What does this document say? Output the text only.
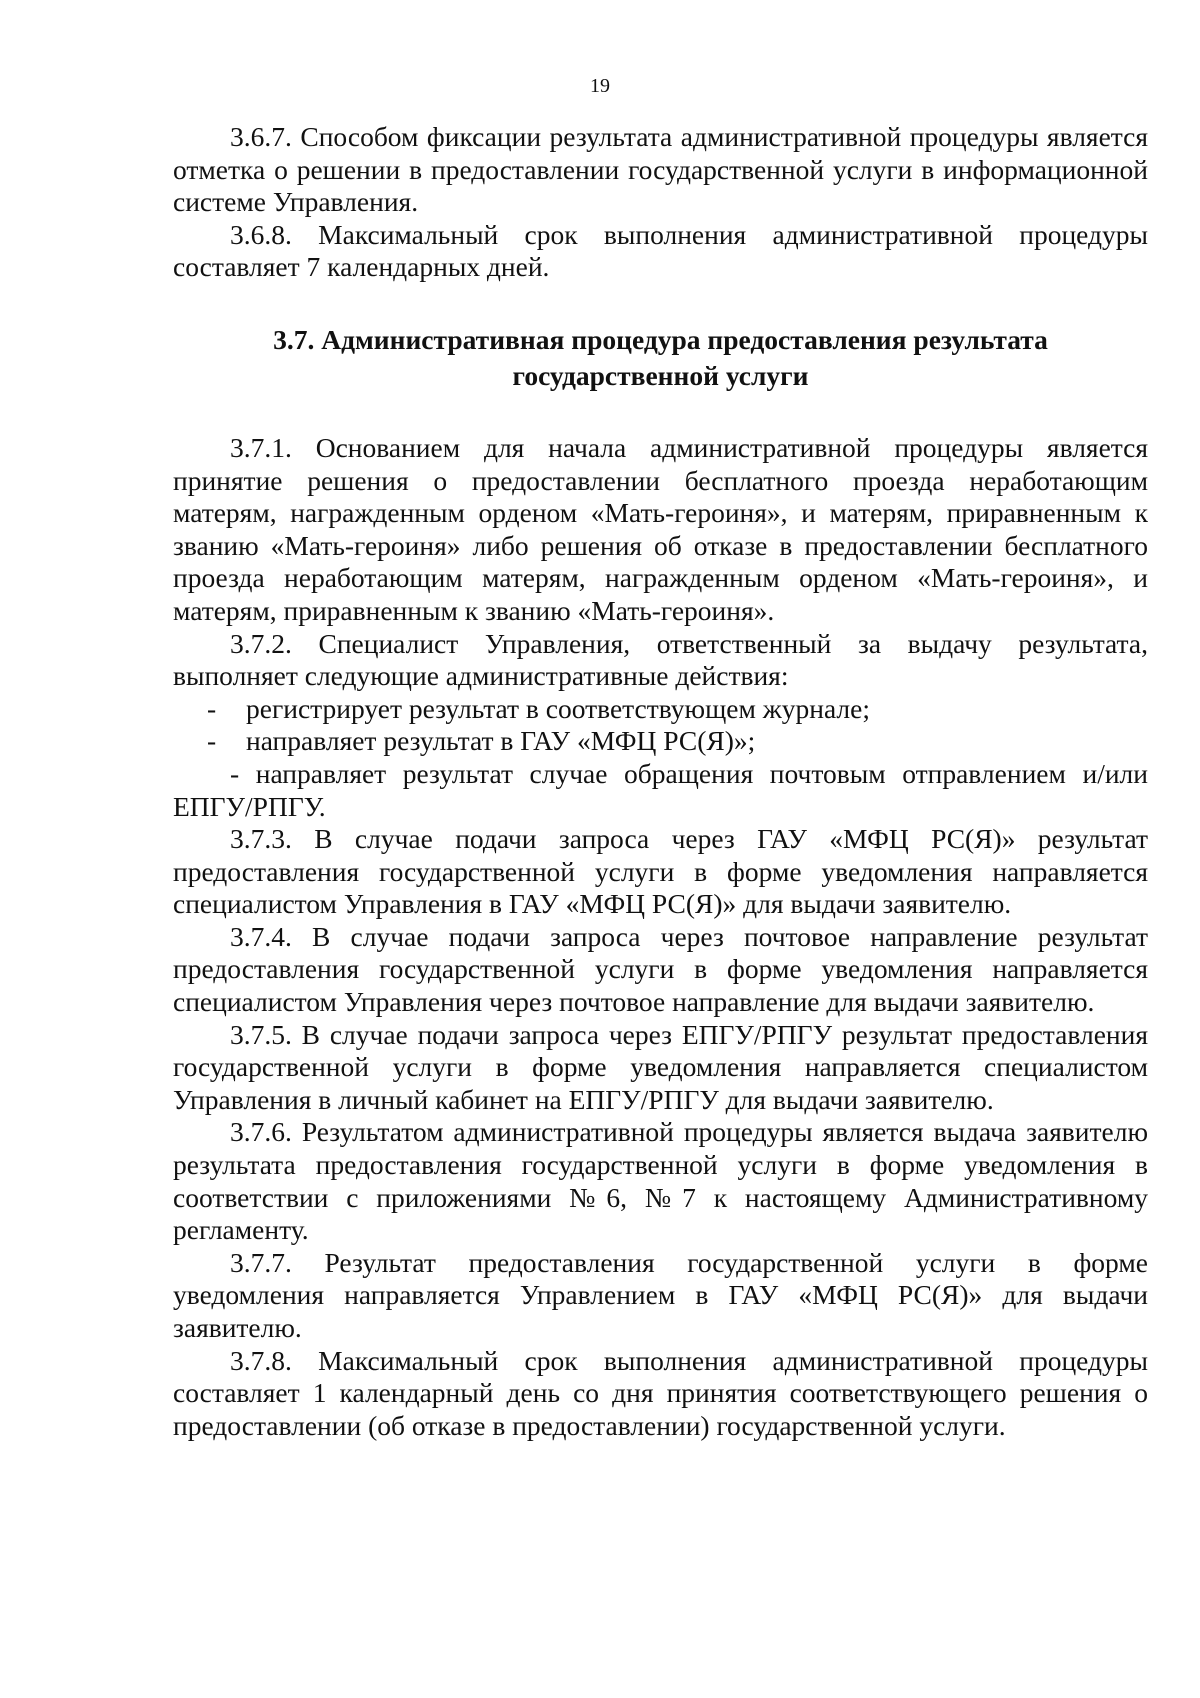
19

3.6.7. Способом фиксации результата административной процедуры является отметка о решении в предоставлении государственной услуги в информационной системе Управления.

3.6.8. Максимальный срок выполнения административной процедуры составляет 7 календарных дней.

3.7. Административная процедура предоставления результата
государственной услуги

3.7.1. Основанием для начала административной процедуры является принятие решения о предоставлении бесплатного проезда неработающим матерям, награжденным орденом «Мать-героиня», и матерям, приравненным к званию «Мать-героиня» либо решения об отказе в предоставлении бесплатного проезда неработающим матерям, награжденным орденом «Мать-героиня», и матерям, приравненным к званию «Мать-героиня».

3.7.2. Специалист Управления, ответственный за выдачу результата, выполняет следующие административные действия:

-	регистрирует результат в соответствующем журнале;
-	направляет результат в ГАУ «МФЦ РС(Я)»;

- направляет результат случае обращения почтовым отправлением и/или ЕПГУ/РПГУ.

3.7.3. В случае подачи запроса через ГАУ «МФЦ РС(Я)» результат предоставления государственной услуги в форме уведомления направляется специалистом Управления в ГАУ «МФЦ РС(Я)» для выдачи заявителю.

3.7.4. В случае подачи запроса через почтовое направление результат предоставления государственной услуги в форме уведомления направляется специалистом Управления через почтовое направление для выдачи заявителю.

3.7.5. В случае подачи запроса через ЕПГУ/РПГУ результат предоставления государственной услуги в форме уведомления направляется специалистом Управления в личный кабинет на ЕПГУ/РПГУ для выдачи заявителю.

3.7.6. Результатом административной процедуры является выдача заявителю результата предоставления государственной услуги в форме уведомления в соответствии с приложениями №6, №7 к настоящему Административному регламенту.

3.7.7. Результат предоставления государственной услуги в форме уведомления направляется Управлением в ГАУ «МФЦ РС(Я)» для выдачи заявителю.

3.7.8. Максимальный срок выполнения административной процедуры составляет 1 календарный день со дня принятия соответствующего решения о предоставлении (об отказе в предоставлении) государственной услуги.
